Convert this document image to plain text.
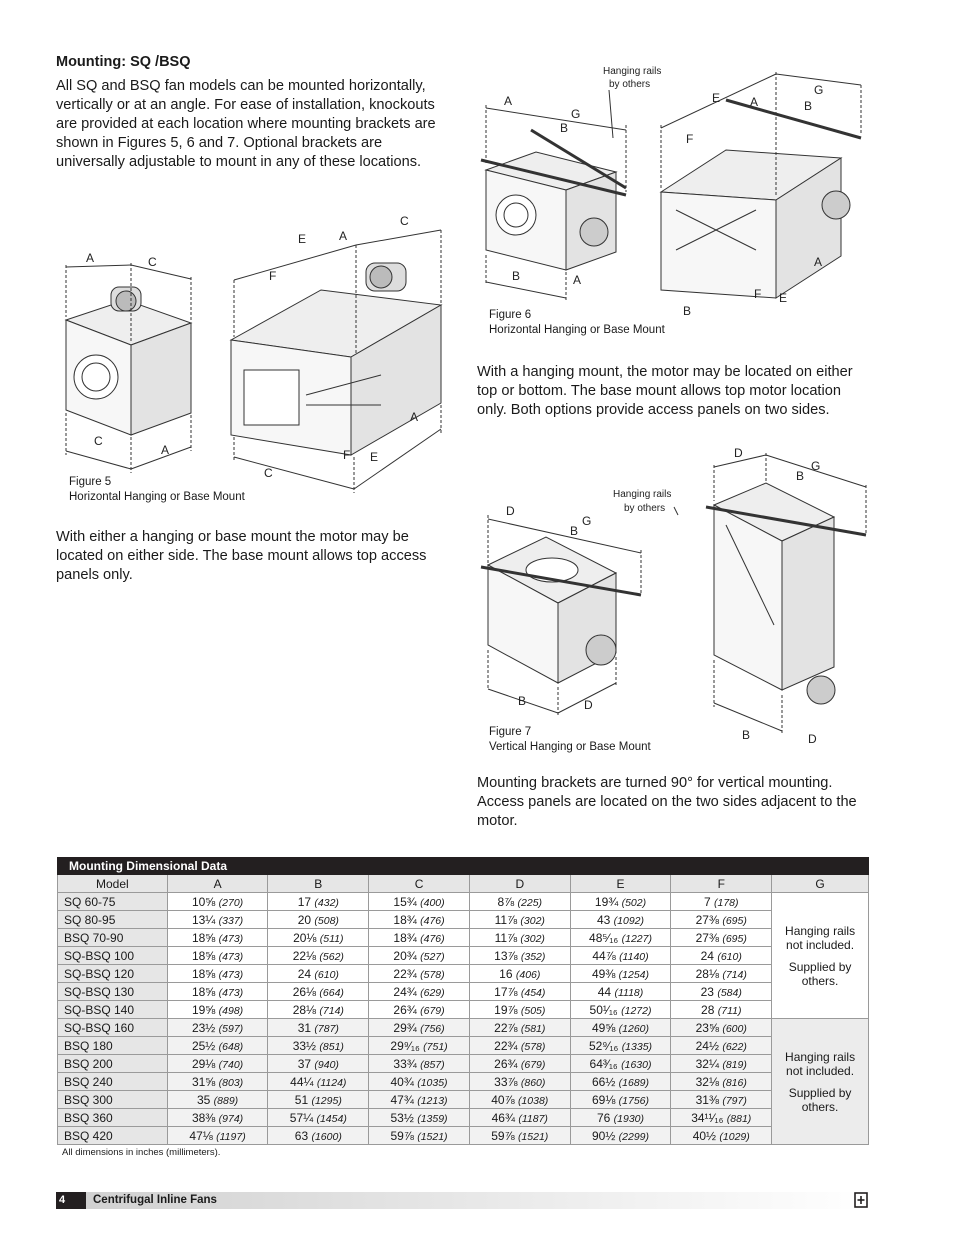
Mounting: SQ /BSQ
All SQ and BSQ fan models can be mounted horizontally, vertically or at an angle. For ease of installation, knockouts are provided at each location where mounting brackets are shown in Figures 5, 6 and 7. Optional brackets are universally adjustable to mount in any of these locations.
A	C
C
A
E	A
C
F
A
F E
C
Figure 5
Horizontal Hanging or Base Mount
With either a hanging or base mount the motor may be located on either side. The base mount allows top access panels only.
A
G
B
B	A
E A
G
B
F
A
F E
B
Hanging rails
by others
Figure 6
Horizontal Hanging or Base Mount
With a hanging mount, the motor may be located on either top or bottom. The base mount allows top motor location only. Both options provide access panels on two sides.
D
G
B
B	D
D
G
B
B	D
Hanging rails
by others
Figure 7
Vertical Hanging or Base Mount
Mounting brackets are turned 90° for vertical mounting. Access panels are located on the two sides adjacent to the motor.
Mounting Dimensional Data							
Model	A	B	C	D	E	F	G
SQ 60-75	10⅝ (270)	17 (432)	15¾ (400)	8⅞ (225)	19¾ (502)	7 (178)	Hanging rails not included.
Supplied by others.

SQ 80-95	13¼ (337)	20 (508)	18¾ (476)	11⅞ (302)	43 (1092)	27⅜ (695)	
BSQ 70-90	18⅝ (473)	20⅛ (511)	18¾ (476)	11⅞ (302)	48⁵⁄₁₆ (1227)	27⅜ (695)	
SQ-BSQ 100	18⅝ (473)	22⅛ (562)	20¾ (527)	13⅞ (352)	44⅞ (1140)	24 (610)	
SQ-BSQ 120	18⅝ (473)	24 (610)	22¾ (578)	16 (406)	49⅜ (1254)	28⅛ (714)	
SQ-BSQ 130	18⅝ (473)	26⅛ (664)	24¾ (629)	17⅞ (454)	44 (1118)	23 (584)	
SQ-BSQ 140	19⅝ (498)	28⅛ (714)	26¾ (679)	19⅞ (505)	50¹⁄₁₆ (1272)	28 (711)	
SQ-BSQ 160	23½ (597)	31 (787)	29¾ (756)	22⅞ (581)	49⅝ (1260)	23⅝ (600)	Hanging rails not included.
Supplied by others.

BSQ 180	25½ (648)	33½ (851)	29⁹⁄₁₆ (751)	22¾ (578)	52⁹⁄₁₆ (1335)	24½ (622)	
BSQ 200	29⅛ (740)	37 (940)	33¾ (857)	26¾ (679)	64³⁄₁₆ (1630)	32¼ (819)	
BSQ 240	31⅝ (803)	44¼ (1124)	40¾ (1035)	33⅞ (860)	66½ (1689)	32⅛ (816)	
BSQ 300	35 (889)	51 (1295)	47¾ (1213)	40⅞ (1038)	69⅛ (1756)	31⅜ (797)	
BSQ 360	38⅜ (974)	57¼ (1454)	53½ (1359)	46¾ (1187)	76 (1930)	34¹¹⁄₁₆ (881)	
BSQ 420	47⅛ (1197)	63 (1600)	59⅞ (1521)	59⅞ (1521)	90½ (2299)	40½ (1029)	
All dimensions in inches (millimeters).
4	Centrifugal Inline Fans
